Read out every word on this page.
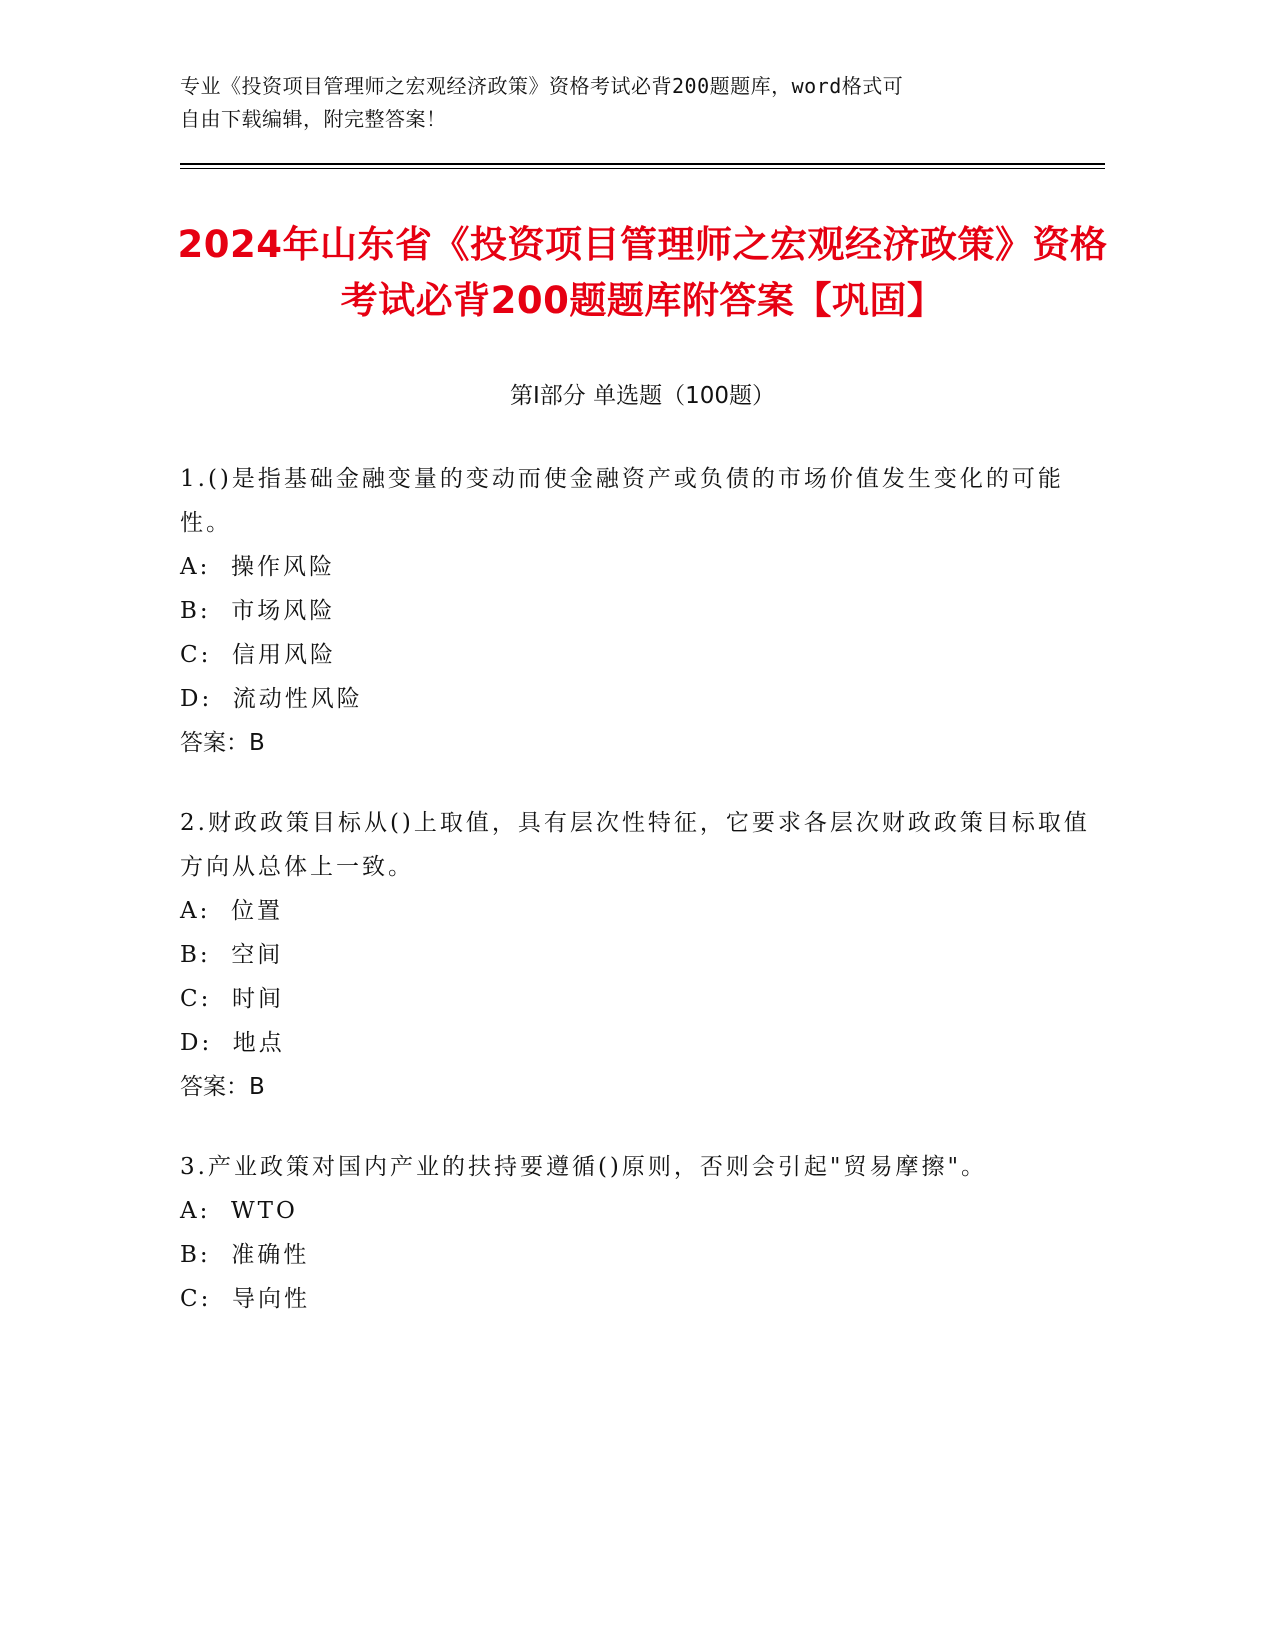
专业《投资项目管理师之宏观经济政策》资格考试必背200题题库，word格式可
自由下载编辑，附完整答案！
2024年山东省《投资项目管理师之宏观经济政策》资格考试必背200题题库附答案【巩固】
第I部分 单选题（100题）
1.()是指基础金融变量的变动而使金融资产或负债的市场价值发生变化的可能性。
A:  操作风险
B:  市场风险
C:  信用风险
D:  流动性风险
答案：B
2.财政政策目标从()上取值，具有层次性特征，它要求各层次财政政策目标取值方向从总体上一致。
A:  位置
B:  空间
C:  时间
D:  地点
答案：B
3.产业政策对国内产业的扶持要遵循()原则，否则会引起"贸易摩擦"。
A:  WTO
B:  准确性
C:  导向性
